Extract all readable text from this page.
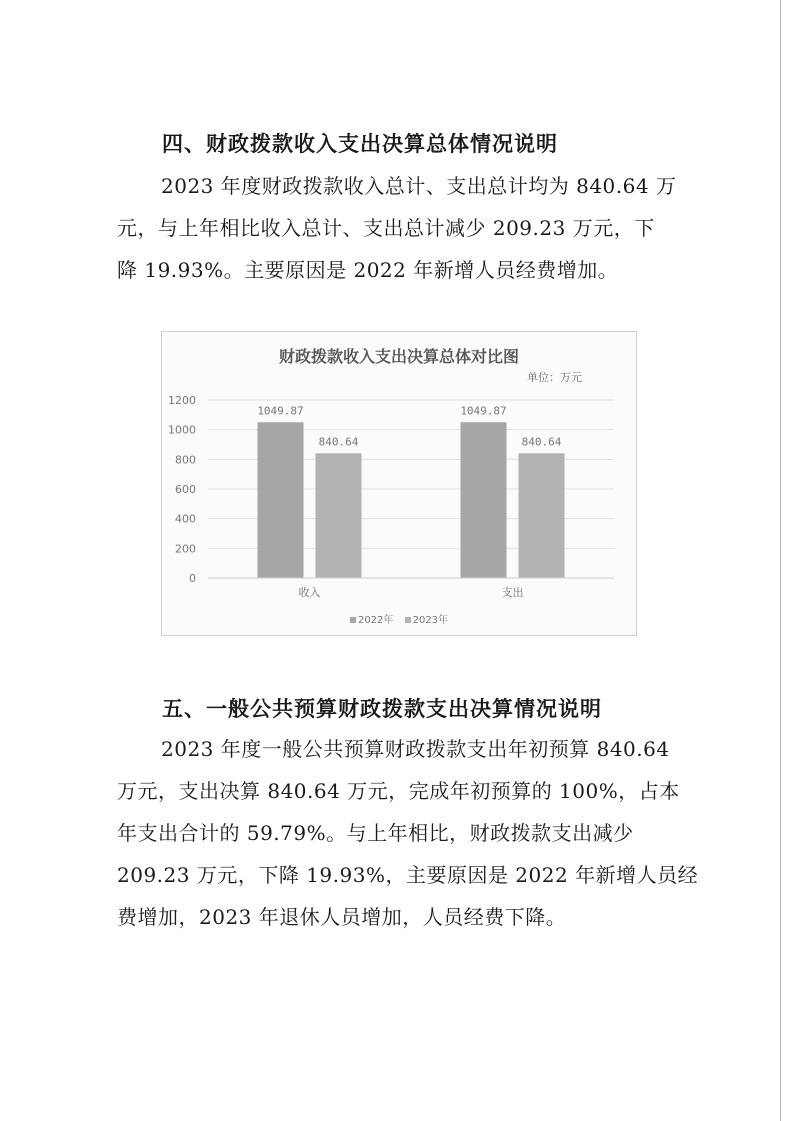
四、财政拨款收入支出决算总体情况说明
2023 年度财政拨款收入总计、支出总计均为 840.64 万
元，与上年相比收入总计、支出总计减少 209.23 万元，下
降 19.93%。主要原因是 2022 年新增人员经费增加。
财政拨款收入支出决算总体对比图
单位：万元
0
200
400
600
800
1000
1200
1049.87
840.64
收入
1049.87
840.64
支出
2022年 2023年
五、一般公共预算财政拨款支出决算情况说明
2023 年度一般公共预算财政拨款支出年初预算 840.64
万元，支出决算 840.64 万元，完成年初预算的 100%，占本
年支出合计的 59.79%。与上年相比，财政拨款支出减少
209.23 万元，下降 19.93%，主要原因是 2022 年新增人员经
费增加，2023 年退休人员增加，人员经费下降。
